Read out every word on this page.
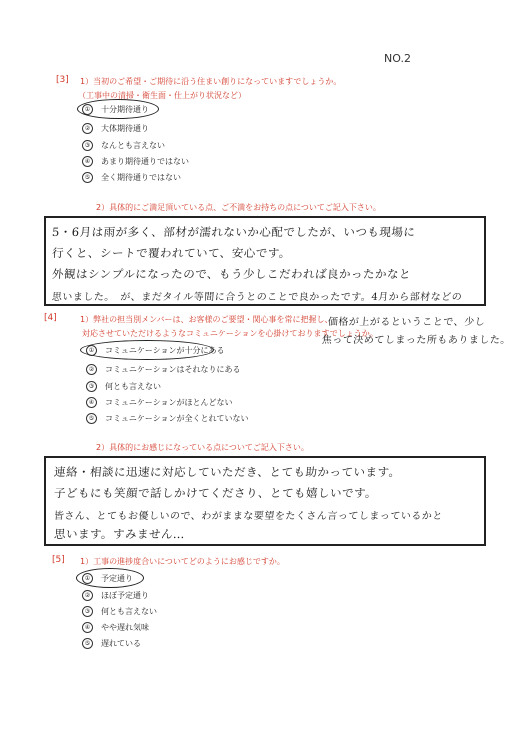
NO.2
[3] 1）当初のご希望・ご期待に沿う住まい創りになっていますでしょうか。
（工事中の清掃・衛生面・仕上がり状況など）
① 十分期待通り
② 大体期待通り
③ なんとも言えない
④ あまり期待通りではない
⑤ 全く期待通りではない
2）具体的にご満足頂いている点、ご不満をお持ちの点についてご記入下さい。
5・6月は雨が多く、部材が濡れないか心配でしたが、いつも現場に
行くと、シートで覆われていて、安心です。
外観はシンプルになったので、もう少しこだわれば良かったかなと
思いました。　が、まだタイル等間に合うとのことで良かったです。4月から部材などの
[4]	1）弊社の担当別メンバーは、お客様のご要望・関心事を常に把握し、
対応させていただけるようなコミュニケーションを心掛けておりますでしょうか。
価格が上がるということで、少し
焦って決めてしまった所もありました。
① コミュニケーションが十分にある
② コミュニケーションはそれなりにある
③ 何とも言えない
④ コミュニケーションがほとんどない
⑤ コミュニケーションが全くとれていない
2）具体的にお感じになっている点についてご記入下さい。
連絡・相談に迅速に対応していただき、とても助かっています。
子どもにも笑顔で話しかけてくださり、とても嬉しいです。
皆さん、とてもお優しいので、わがままな要望をたくさん言ってしまっているかと
思います。すみません…
[5] 1）工事の進捗度合いについてどのようにお感じですか。
① 予定通り
② ほぼ予定通り
③ 何とも言えない
④ やや遅れ気味
⑤ 遅れている
